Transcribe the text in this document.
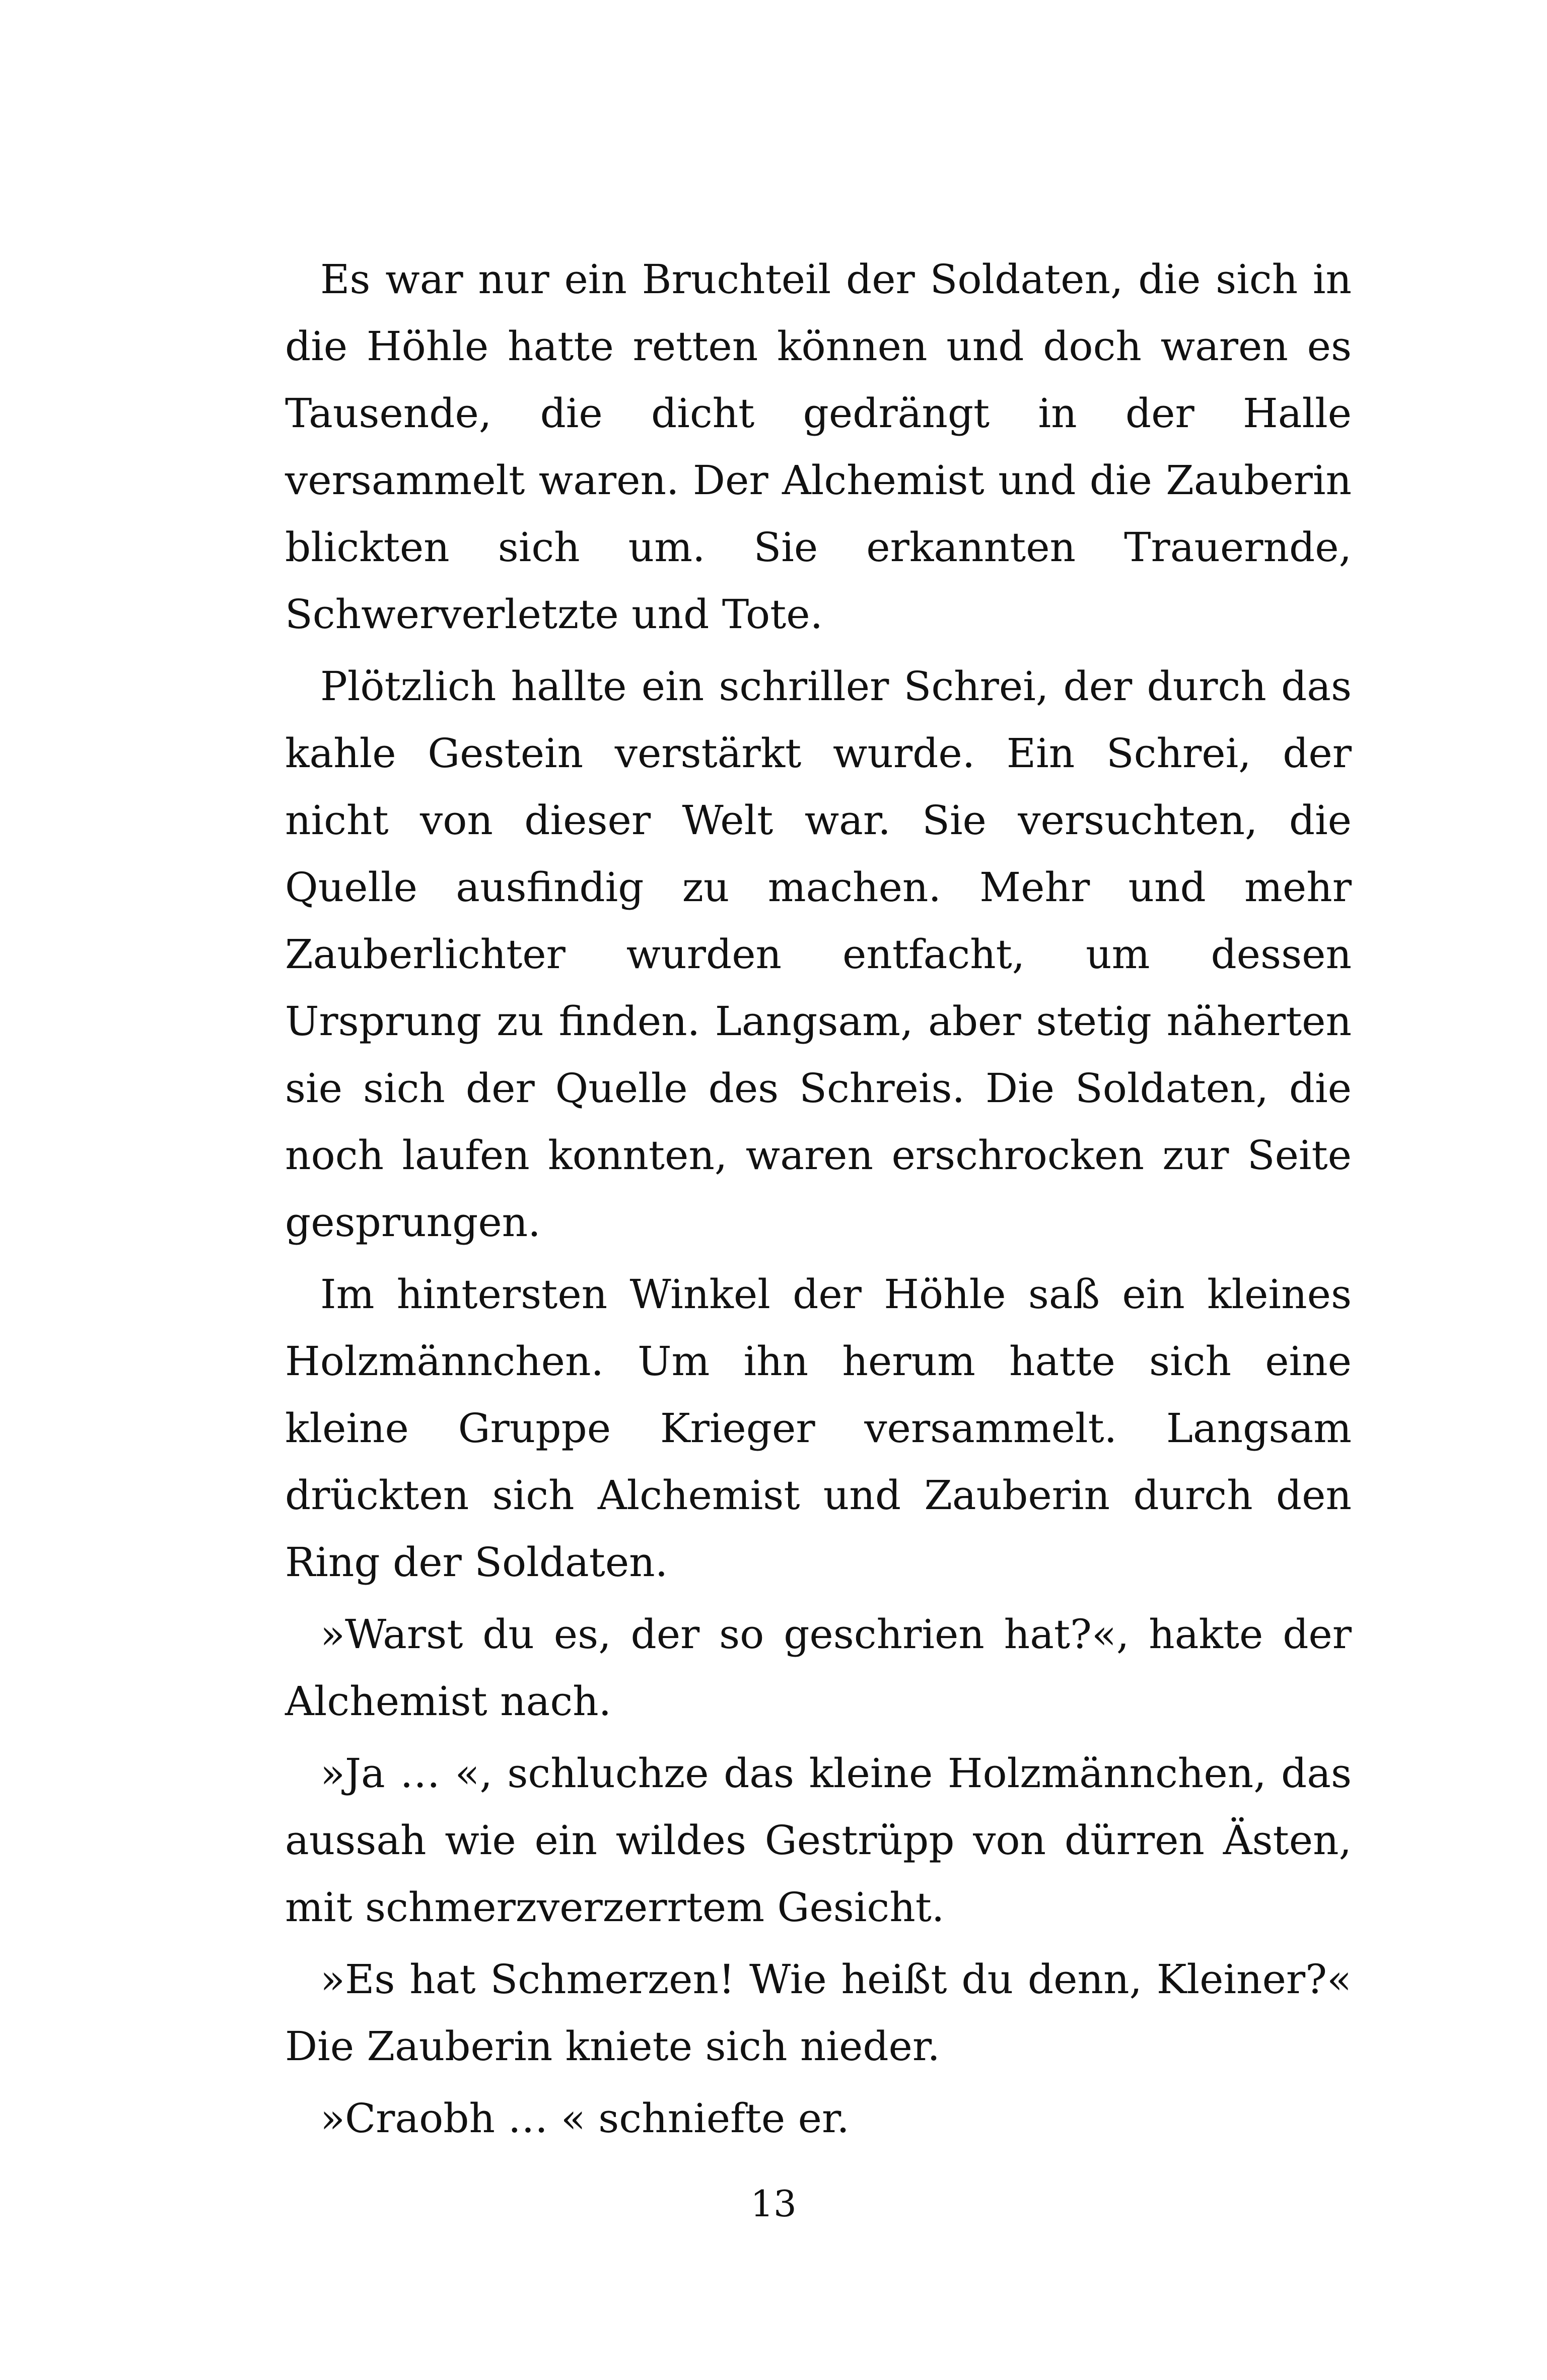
Es war nur ein Bruchteil der Soldaten, die sich in die Höhle hatte retten können und doch waren es Tausende, die dicht gedrängt in der Halle versammelt waren. Der Alchemist und die Zauberin blickten sich um. Sie erkannten Trauernde, Schwerverletzte und Tote.

Plötzlich hallte ein schriller Schrei, der durch das kahle Gestein verstärkt wurde. Ein Schrei, der nicht von dieser Welt war. Sie versuchten, die Quelle ausfindig zu machen. Mehr und mehr Zauberlichter wurden entfacht, um dessen Ursprung zu finden. Langsam, aber stetig näherten sie sich der Quelle des Schreis. Die Soldaten, die noch laufen konnten, waren erschrocken zur Seite gesprungen.

Im hintersten Winkel der Höhle saß ein kleines Holzmännchen. Um ihn herum hatte sich eine kleine Gruppe Krieger versammelt. Langsam drückten sich Alchemist und Zauberin durch den Ring der Soldaten.

»Warst du es, der so geschrien hat?«, hakte der Alchemist nach.

»Ja … «, schluchze das kleine Holzmännchen, das aussah wie ein wildes Gestrüpp von dürren Ästen, mit schmerzverzerrtem Gesicht.

»Es hat Schmerzen! Wie heißt du denn, Kleiner?« Die Zauberin kniete sich nieder.

»Craobh … « schniefte er.

13
